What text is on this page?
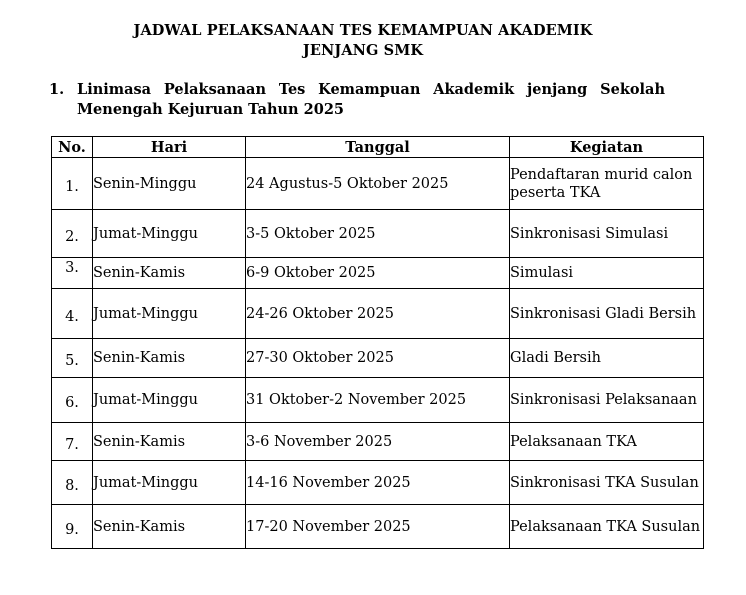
JADWAL PELAKSANAAN TES KEMAMPUAN AKADEMIK
JENJANG SMK
1. Linimasa Pelaksanaan Tes Kemampuan Akademik jenjang Sekolah
Menengah Kejuruan Tahun 2025
No.	Hari	Tanggal	Kegiatan
1.	Senin-Minggu	24 Agustus-5 Oktober 2025	Pendaftaran murid calon peserta TKA
2.	Jumat-Minggu	3-5 Oktober 2025	Sinkronisasi Simulasi
3.	Senin-Kamis	6-9 Oktober 2025	Simulasi
4.	Jumat-Minggu	24-26 Oktober 2025	Sinkronisasi Gladi Bersih
5.	Senin-Kamis	27-30 Oktober 2025	Gladi Bersih
6.	Jumat-Minggu	31 Oktober-2 November 2025	Sinkronisasi Pelaksanaan
7.	Senin-Kamis	3-6 November 2025	Pelaksanaan TKA
8.	Jumat-Minggu	14-16 November 2025	Sinkronisasi TKA Susulan
9.	Senin-Kamis	17-20 November 2025	Pelaksanaan TKA Susulan
